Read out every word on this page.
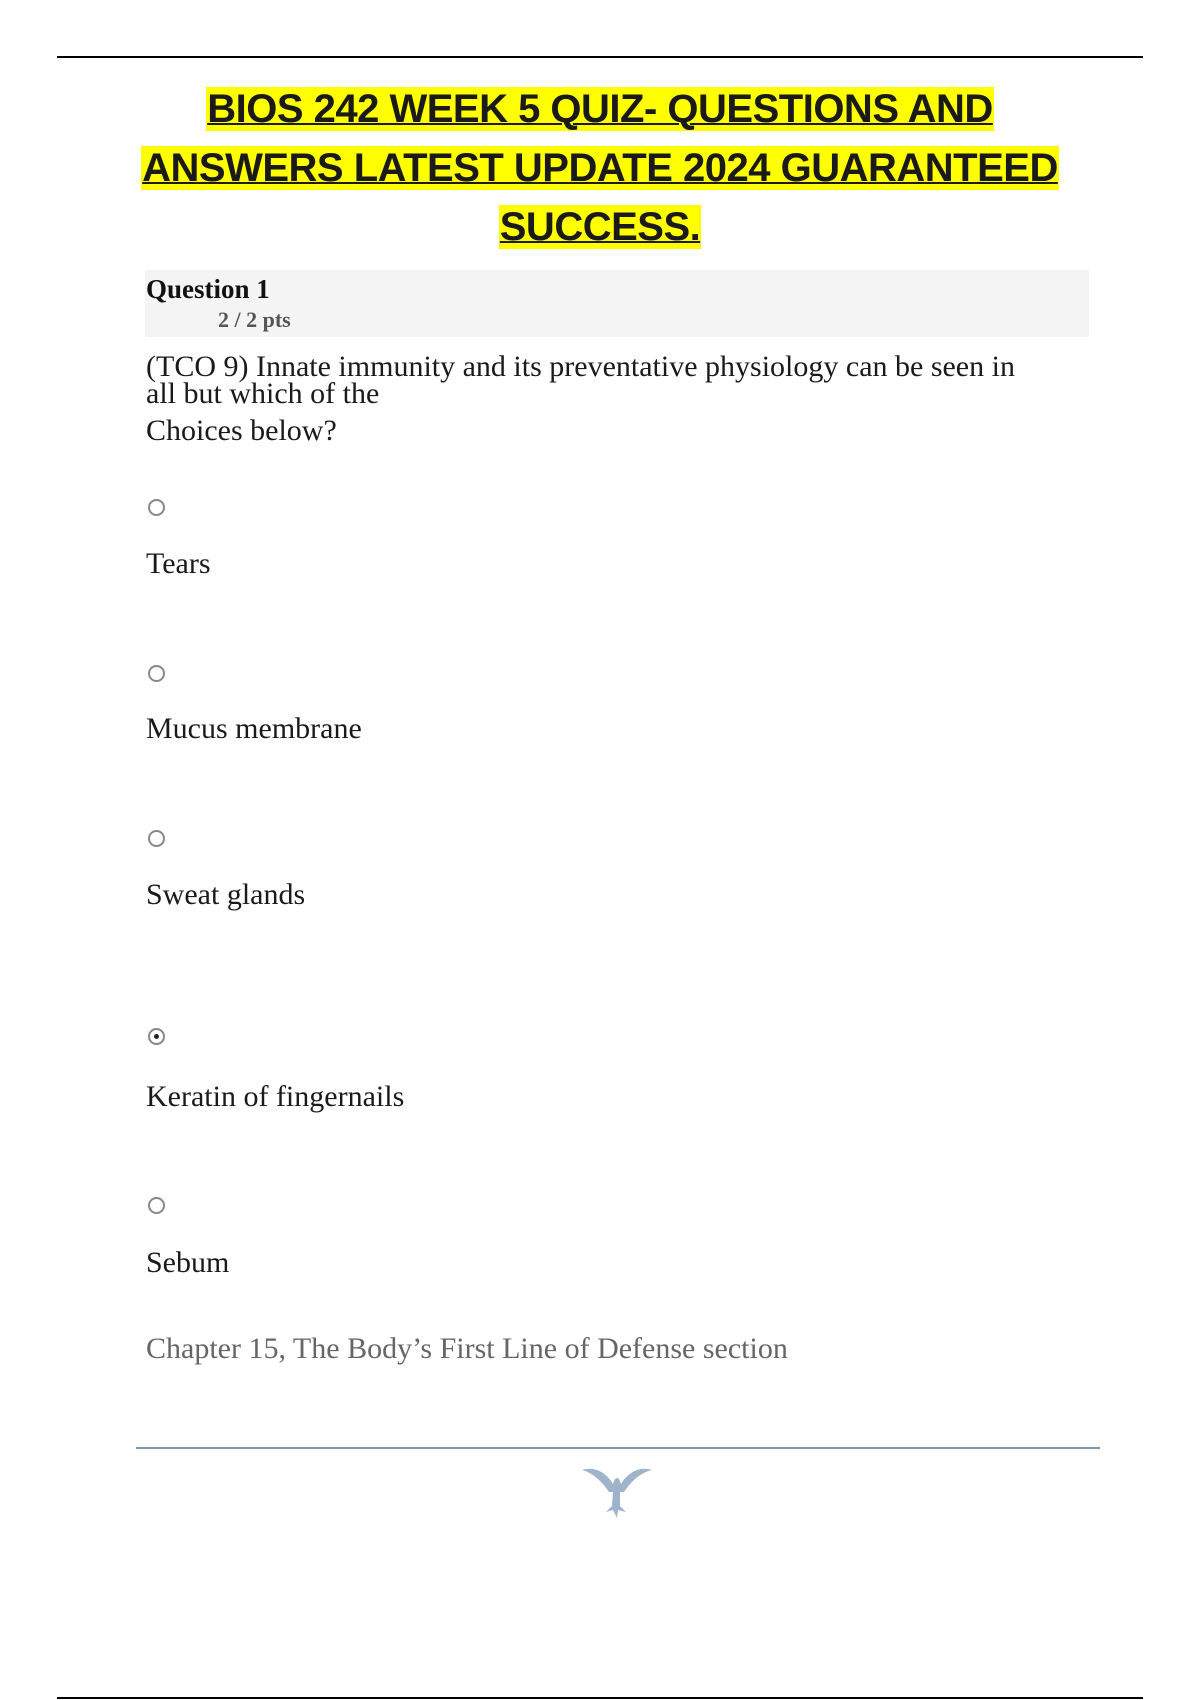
BIOS 242 WEEK 5 QUIZ- QUESTIONS AND
ANSWERS LATEST UPDATE 2024 GUARANTEED
SUCCESS.
Question 1
2 / 2 pts
(TCO 9) Innate immunity and its preventative physiology can be seen in
all but which of the
Choices below?
Tears
Mucus membrane
Sweat glands
Keratin of fingernails
Sebum
Chapter 15, The Body’s First Line of Defense section
